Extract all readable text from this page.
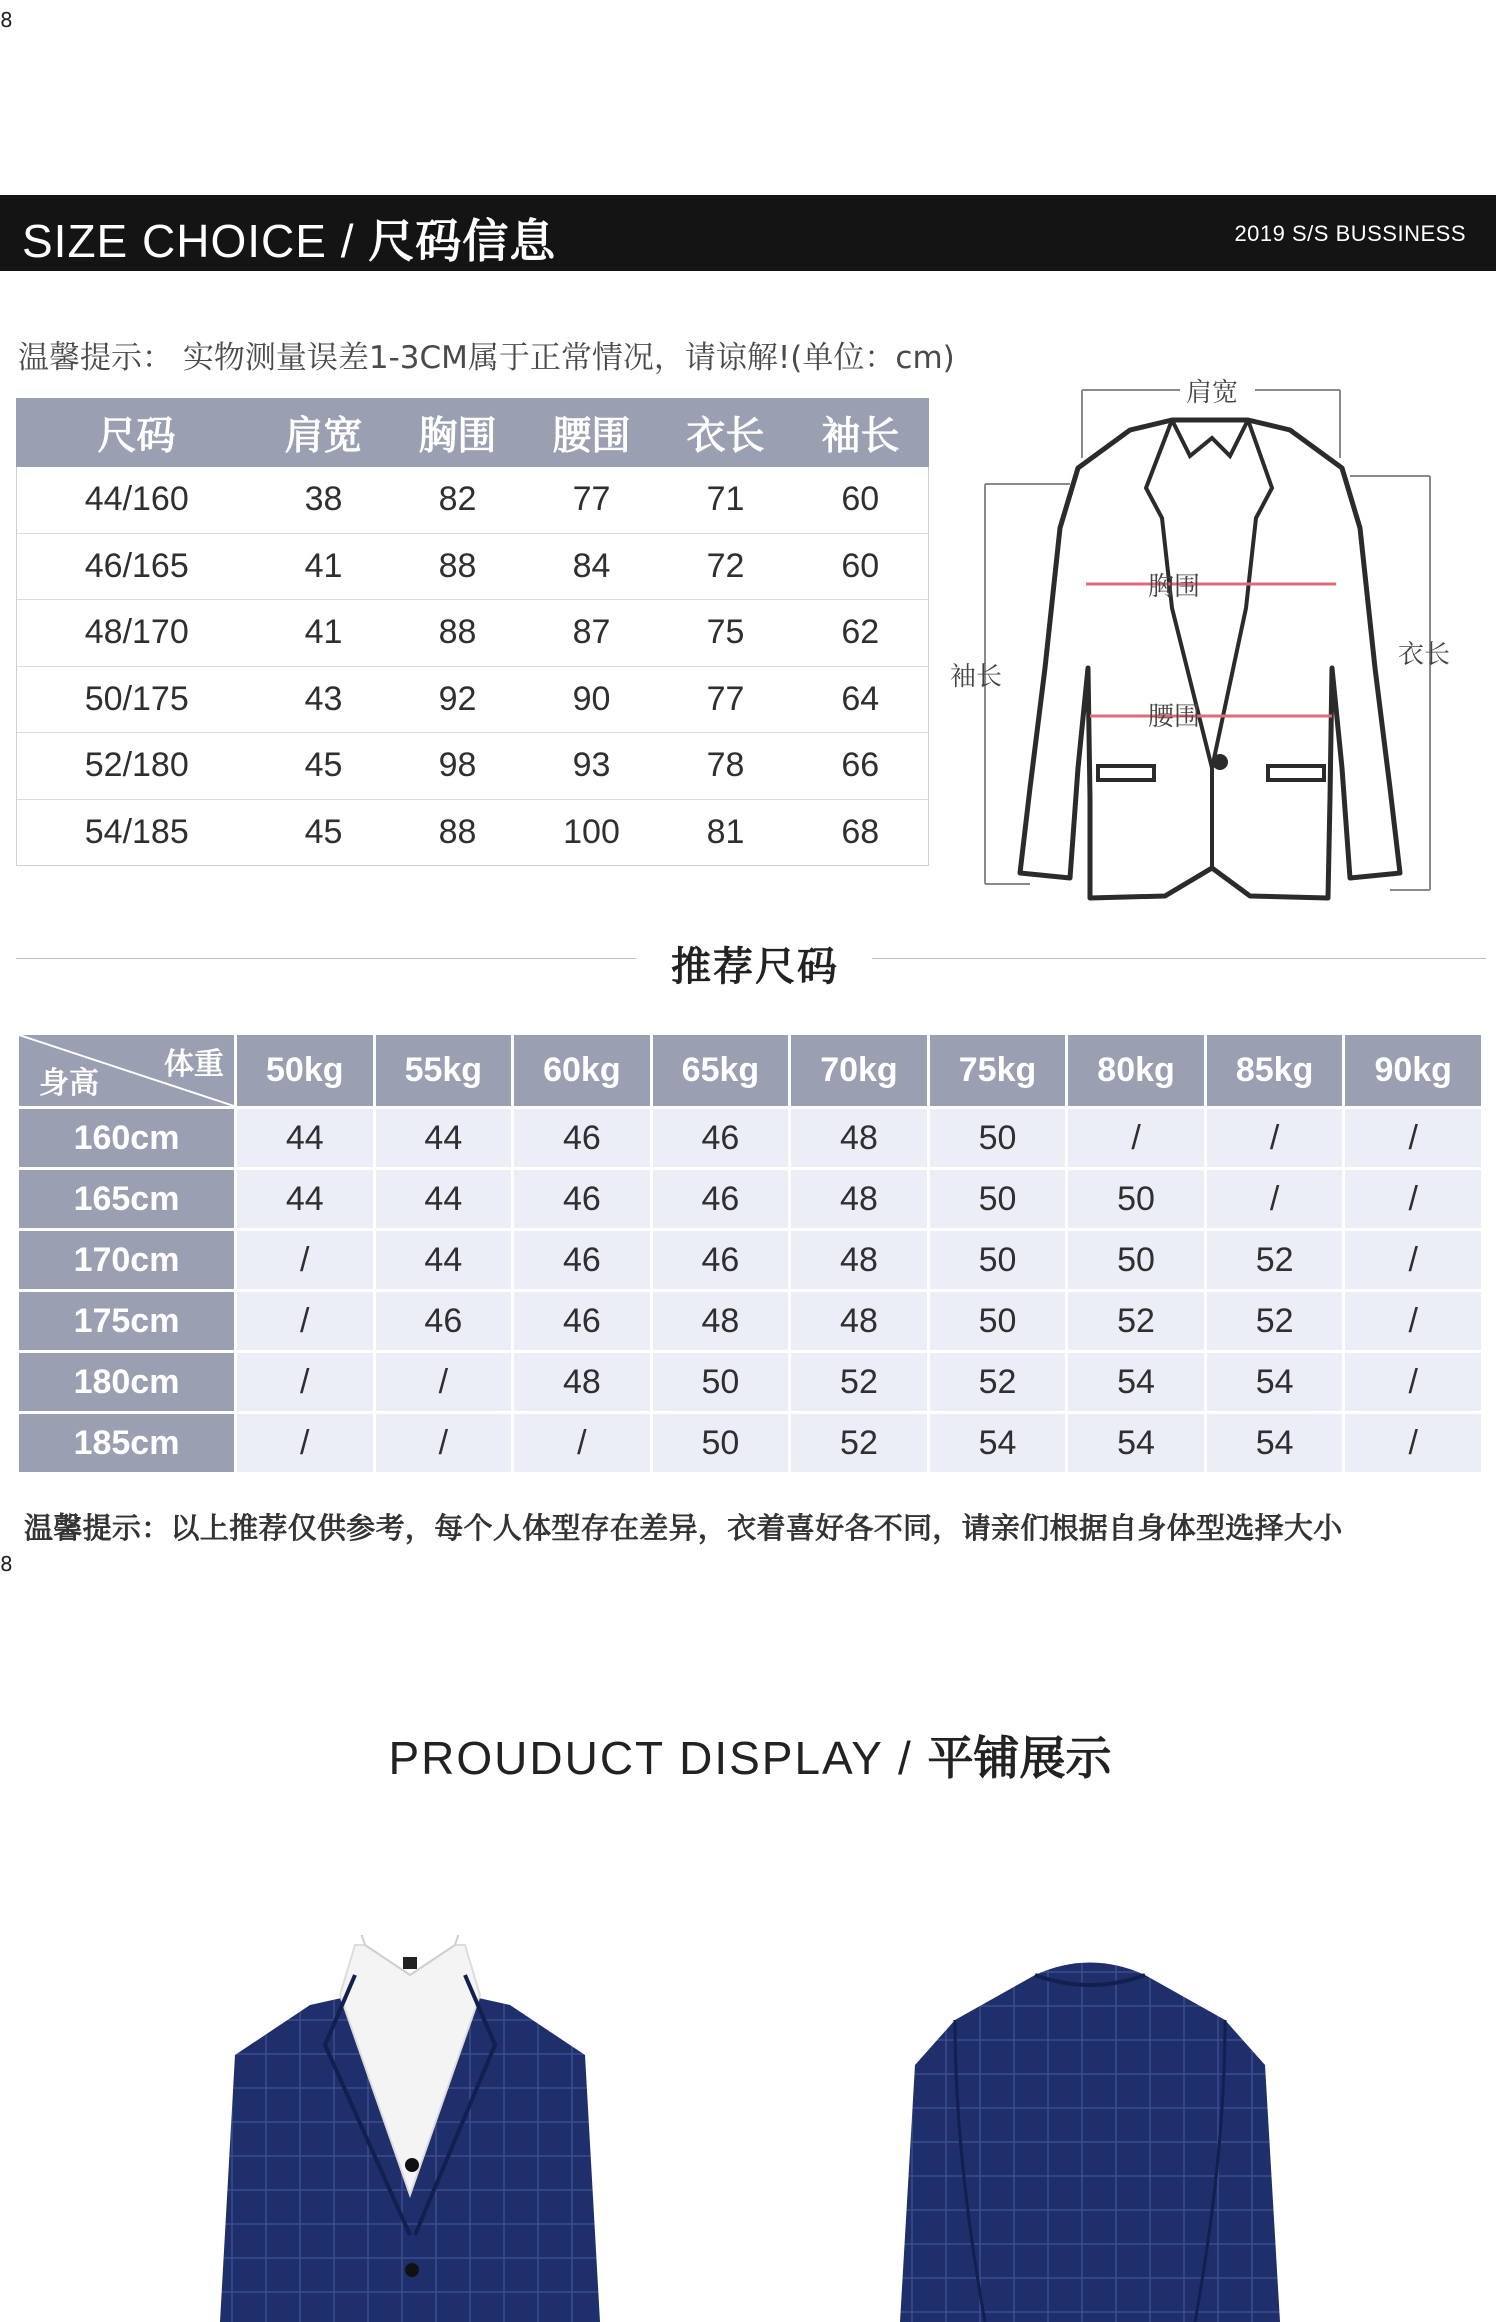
8
SIZE CHOICE / 尺码信息	2019 S/S BUSSINESS
温馨提示： 实物测量误差1-3CM属于正常情况，请谅解!(单位：cm)
尺码	肩宽	胸围	腰围	衣长	袖长
44/160	38	82	77	71	60
46/165	41	88	84	72	60
48/170	41	88	87	75	62
50/175	43	92	90	77	64
52/180	45	98	93	78	66
54/185	45	88	100	81	68
肩宽
胸围
腰围
袖长
衣长
推荐尺码
体重
身高	50kg	55kg	60kg	65kg	70kg	75kg	80kg	85kg	90kg
160cm	44	44	46	46	48	50	/	/	/
165cm	44	44	46	46	48	50	50	/	/
170cm	/	44	46	46	48	50	50	52	/
175cm	/	46	46	48	48	50	52	52	/
180cm	/	/	48	50	52	52	54	54	/
185cm	/	/	/	50	52	54	54	54	/
温馨提示：以上推荐仅供参考，每个人体型存在差异，衣着喜好各不同，请亲们根据自身体型选择大小
8
PROUDUCT DISPLAY / 平铺展示
